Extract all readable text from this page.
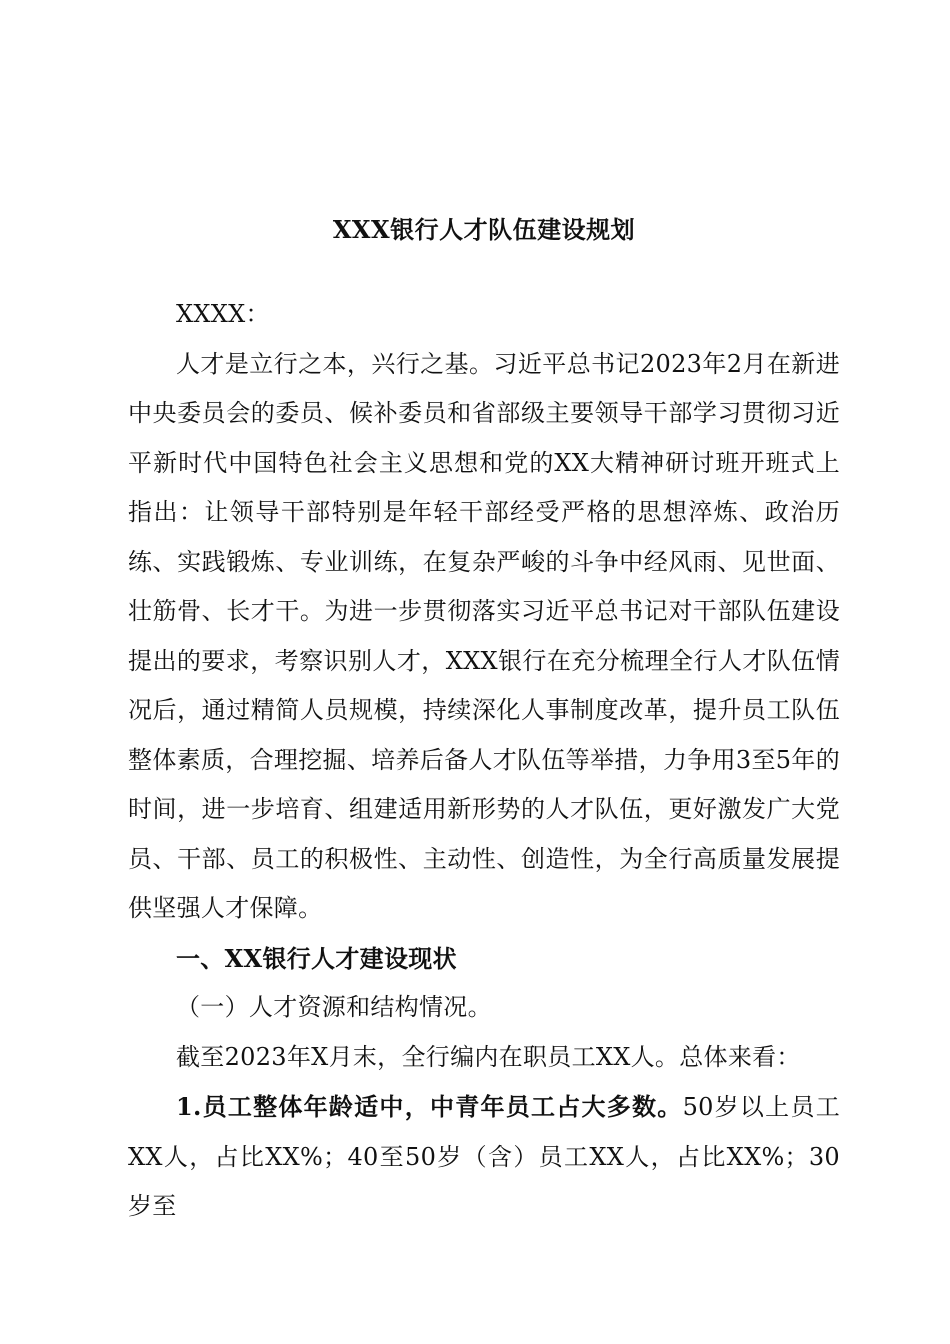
XXX银行人才队伍建设规划

XXXX：

人才是立行之本，兴行之基。习近平总书记2023年2月在新进中央委员会的委员、候补委员和省部级主要领导干部学习贯彻习近平新时代中国特色社会主义思想和党的XX大精神研讨班开班式上指出：让领导干部特别是年轻干部经受严格的思想淬炼、政治历练、实践锻炼、专业训练，在复杂严峻的斗争中经风雨、见世面、壮筋骨、长才干。为进一步贯彻落实习近平总书记对干部队伍建设提出的要求，考察识别人才，XXX银行在充分梳理全行人才队伍情况后，通过精简人员规模，持续深化人事制度改革，提升员工队伍整体素质，合理挖掘、培养后备人才队伍等举措，力争用3至5年的时间，进一步培育、组建适用新形势的人才队伍，更好激发广大党员、干部、员工的积极性、主动性、创造性，为全行高质量发展提供坚强人才保障。

一、XX银行人才建设现状

（一）人才资源和结构情况。

截至2023年X月末，全行编内在职员工XX人。总体来看：

1.员工整体年龄适中，中青年员工占大多数。50岁以上员工XX人，占比XX%；40至50岁（含）员工XX人，占比XX%；30岁至
